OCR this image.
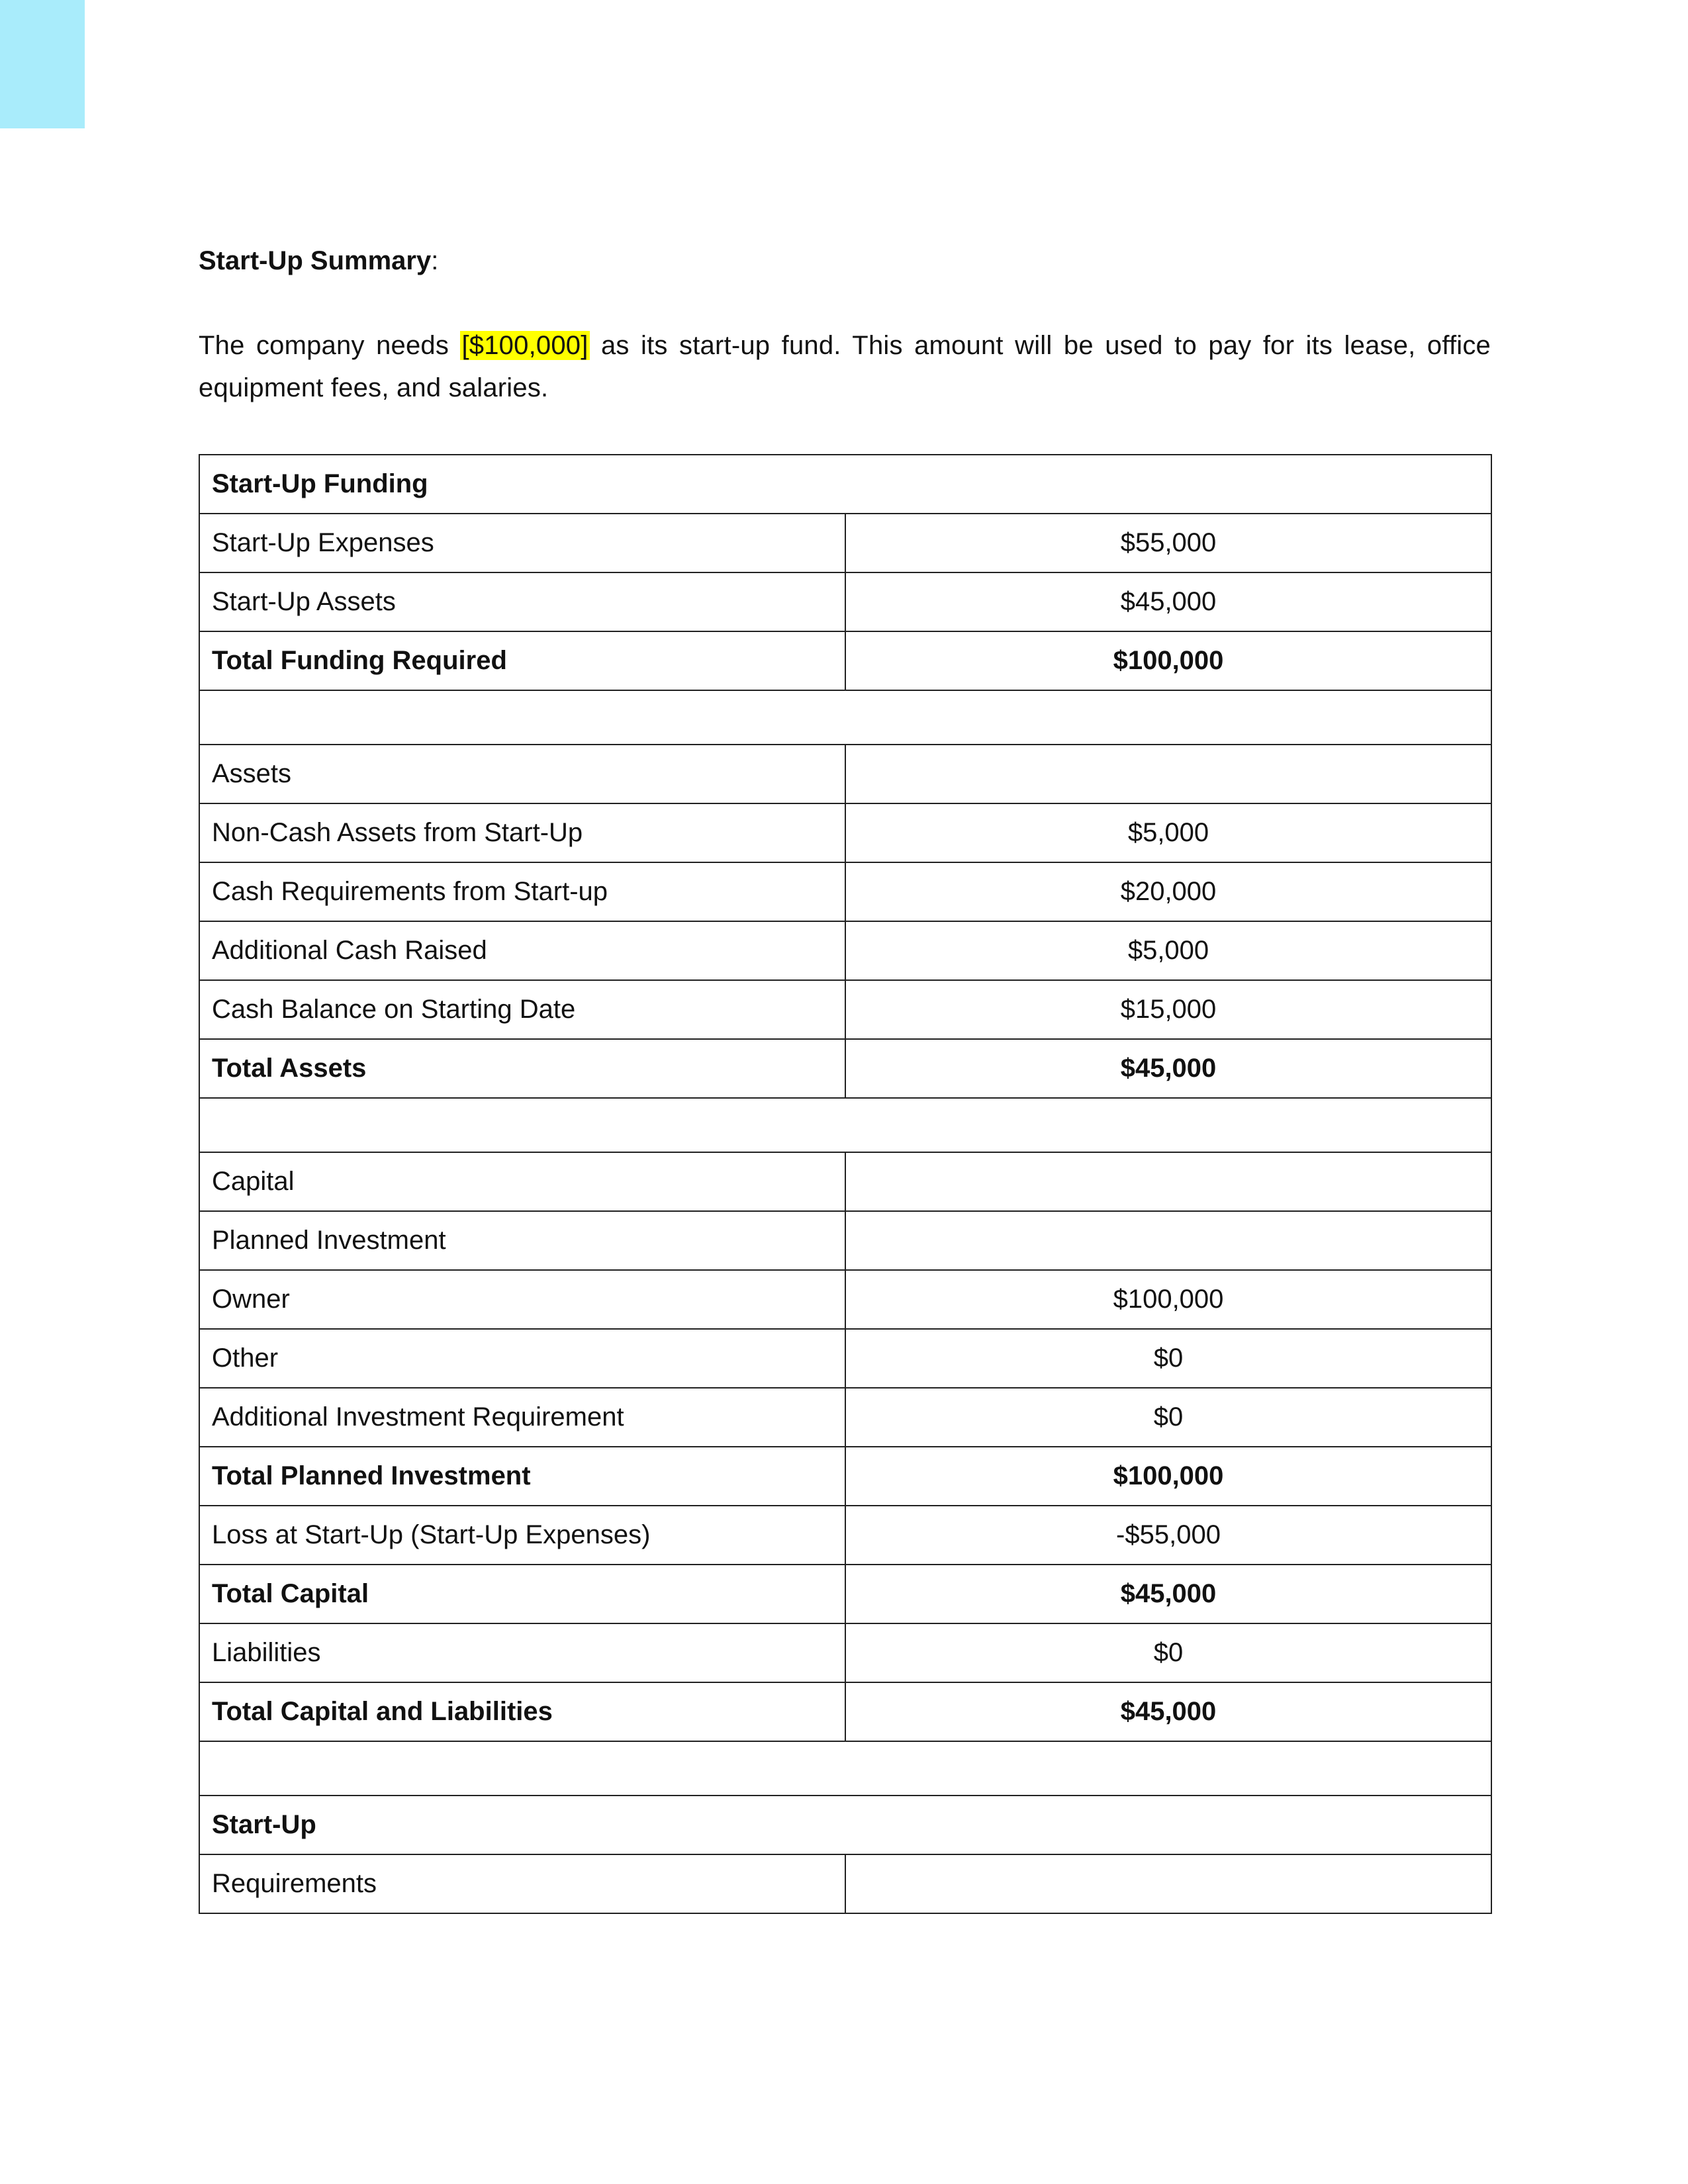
Start-Up Summary:

The company needs [$100,000] as its start-up fund. This amount will be used to pay for its lease, office equipment fees, and salaries.

Start-Up Funding	
Start-Up Expenses	$55,000
Start-Up Assets	$45,000
Total Funding Required	$100,000

Assets	
Non-Cash Assets from Start-Up	$5,000
Cash Requirements from Start-up	$20,000
Additional Cash Raised	$5,000
Cash Balance on Starting Date	$15,000
Total Assets	$45,000

Capital	
Planned Investment	
Owner	$100,000
Other	$0
Additional Investment Requirement	$0
Total Planned Investment	$100,000
Loss at Start-Up (Start-Up Expenses)	-$55,000
Total Capital	$45,000
Liabilities	$0
Total Capital and Liabilities	$45,000

Start-Up	
Requirements	
